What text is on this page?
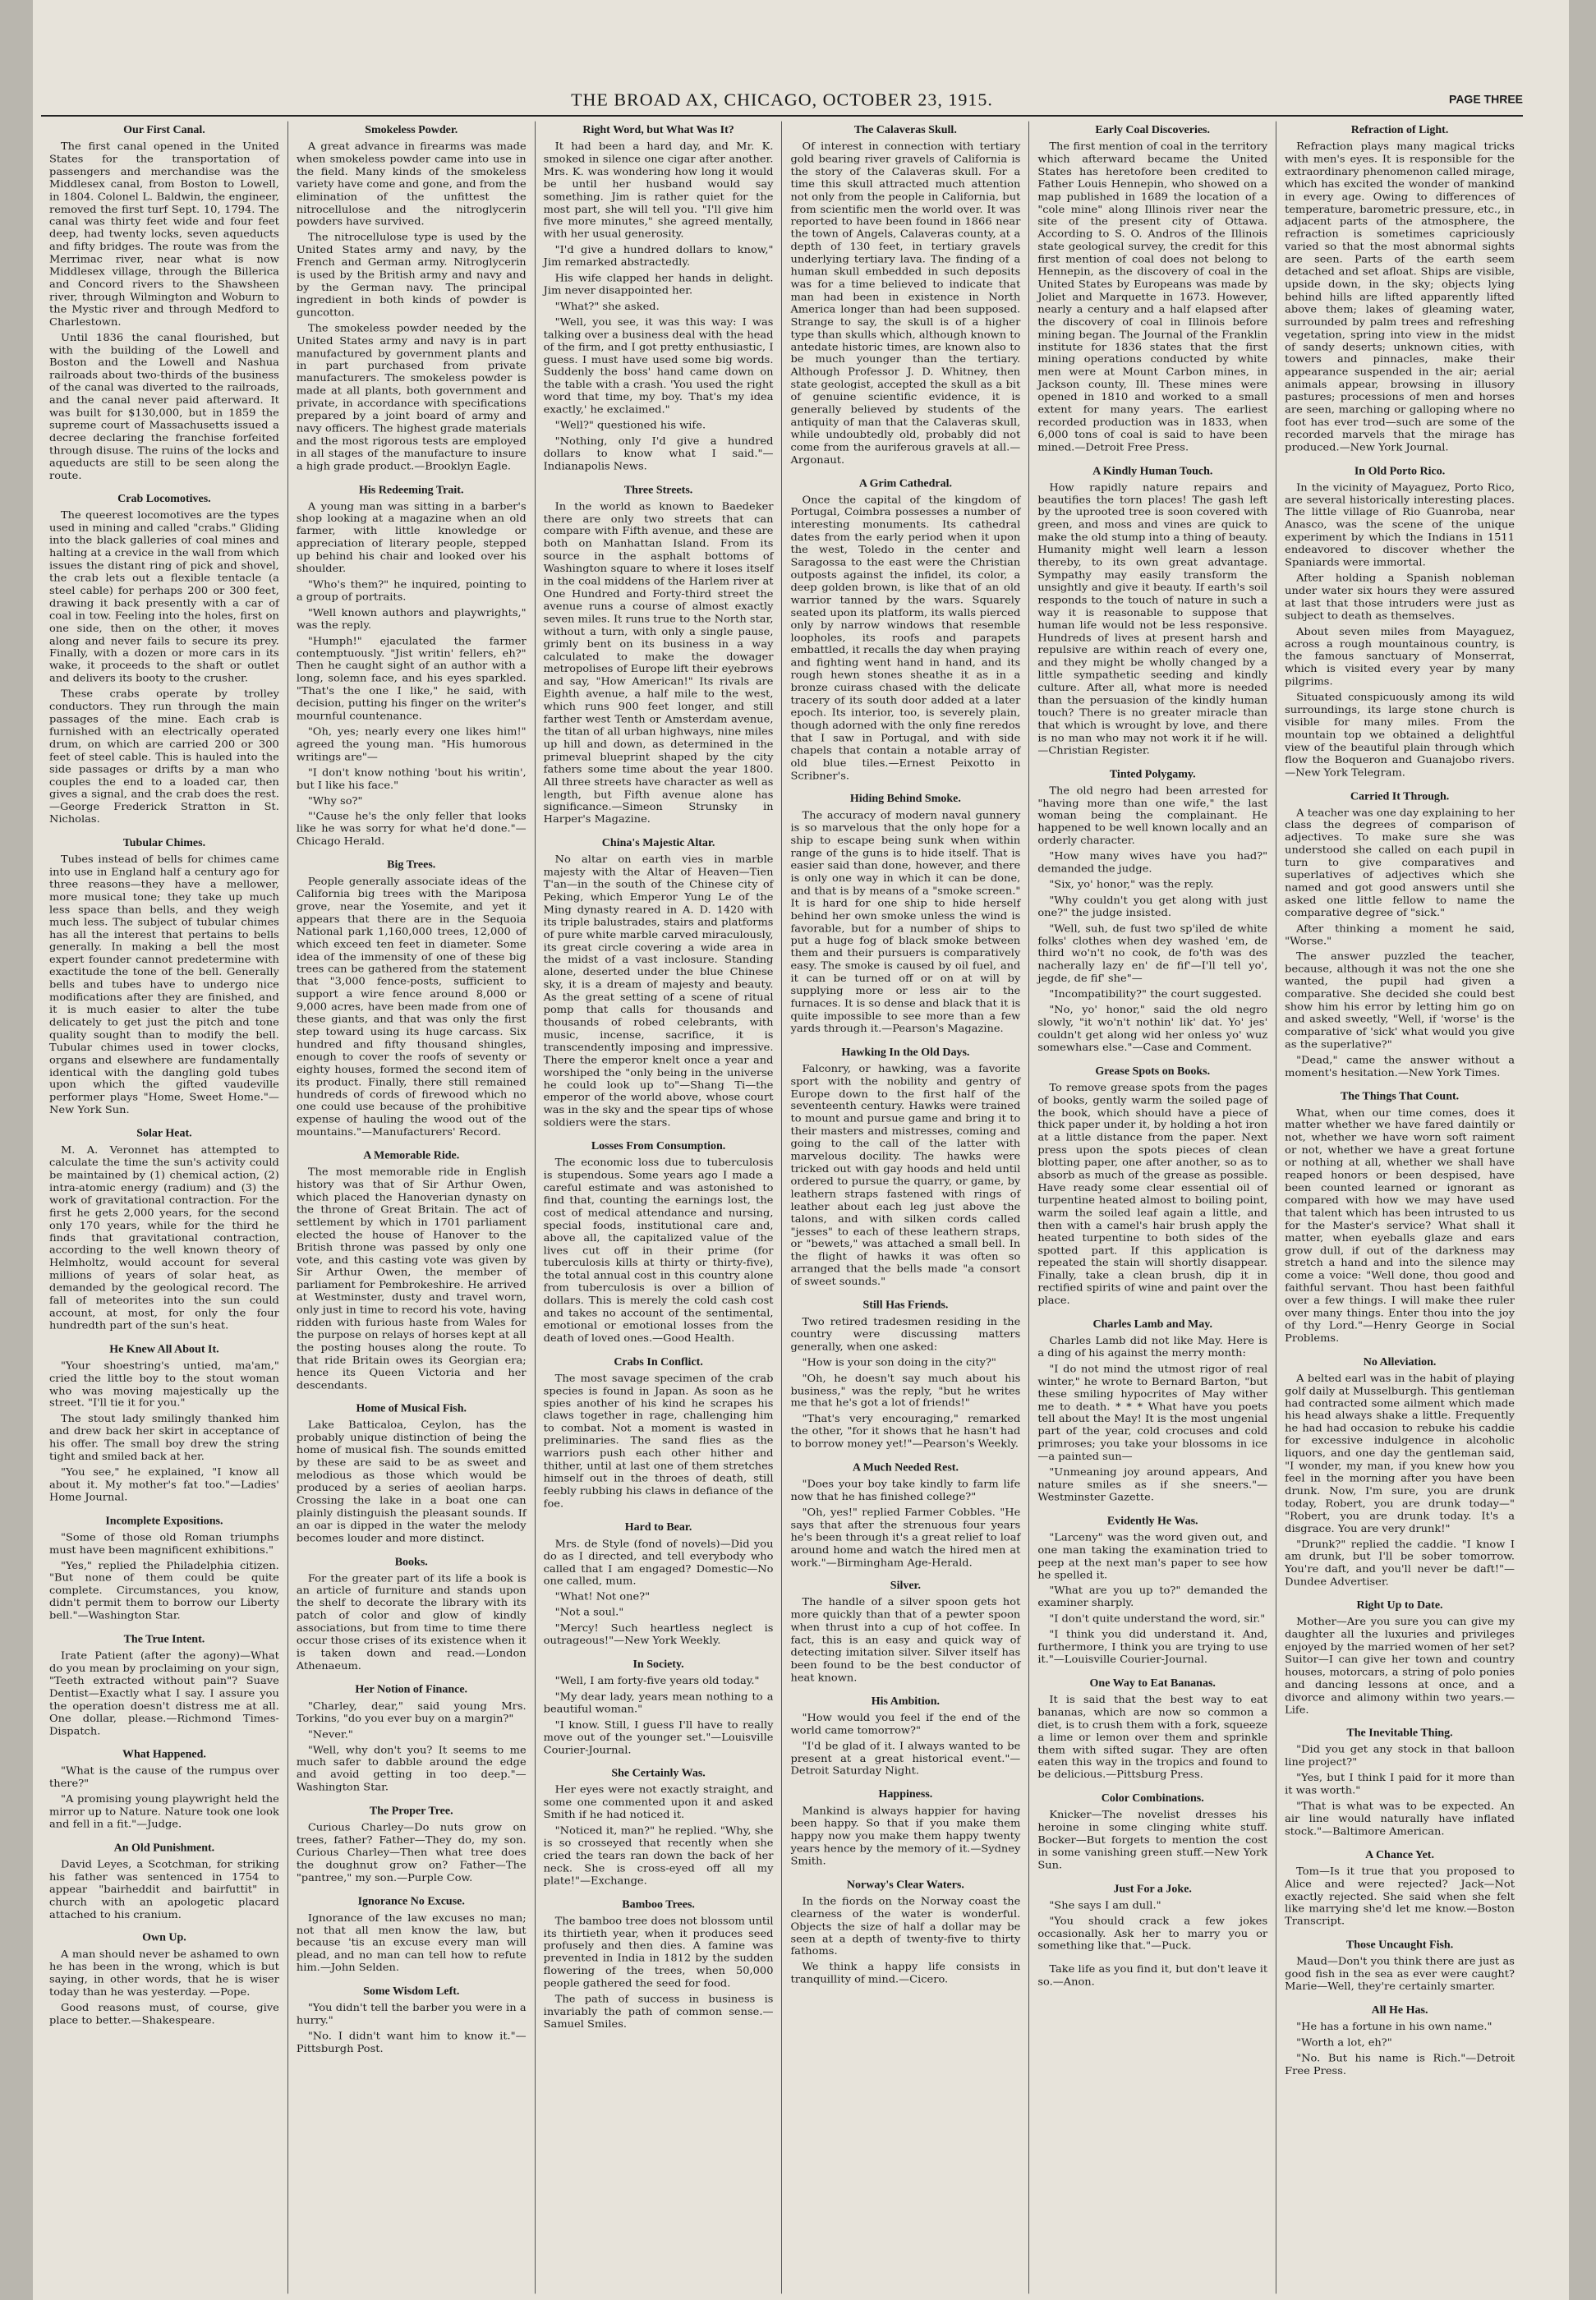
THE BROAD AX, CHICAGO, OCTOBER 23, 1915.	PAGE THREE
Our First Canal.

The first canal opened in the United States for the transportation of passengers and merchandise was the Middlesex canal, from Boston to Lowell, in 1804. Colonel L. Baldwin, the engineer, removed the first turf Sept. 10, 1794. The canal was thirty feet wide and four feet deep, had twenty locks, seven aqueducts and fifty bridges. The route was from the Merrimac river, near what is now Middlesex village, through the Billerica and Concord rivers to the Shawsheen river, through Wilmington and Woburn to the Mystic river and through Medford to Charlestown.

Until 1836 the canal flourished, but with the building of the Lowell and Boston and the Lowell and Nashua railroads about two-thirds of the business of the canal was diverted to the railroads, and the canal never paid afterward. It was built for $130,000, but in 1859 the supreme court of Massachusetts issued a decree declaring the franchise forfeited through disuse. The ruins of the locks and aqueducts are still to be seen along the route.

Crab Locomotives.

The queerest locomotives are the types used in mining and called "crabs." Gliding into the black galleries of coal mines and halting at a crevice in the wall from which issues the distant ring of pick and shovel, the crab lets out a flexible tentacle (a steel cable) for perhaps 200 or 300 feet, drawing it back presently with a car of coal in tow. Feeling into the holes, first on one side, then on the other, it moves along and never fails to secure its prey. Finally, with a dozen or more cars in its wake, it proceeds to the shaft or outlet and delivers its booty to the crusher.

These crabs operate by trolley conductors. They run through the main passages of the mine. Each crab is furnished with an electrically operated drum, on which are carried 200 or 300 feet of steel cable. This is hauled into the side passages or drifts by a man who couples the end to a loaded car, then gives a signal, and the crab does the rest.—George Frederick Stratton in St. Nicholas.

Tubular Chimes.

Tubes instead of bells for chimes came into use in England half a century ago for three reasons—they have a mellower, more musical tone; they take up much less space than bells, and they weigh much less. The subject of tubular chimes has all the interest that pertains to bells generally. In making a bell the most expert founder cannot predetermine with exactitude the tone of the bell. Generally bells and tubes have to undergo nice modifications after they are finished, and it is much easier to alter the tube delicately to get just the pitch and tone quality sought than to modify the bell. Tubular chimes used in tower clocks, organs and elsewhere are fundamentally identical with the dangling gold tubes upon which the gifted vaudeville performer plays "Home, Sweet Home."—New York Sun.

Solar Heat.

M. A. Veronnet has attempted to calculate the time the sun's activity could be maintained by (1) chemical action, (2) intra-atomic energy (radium) and (3) the work of gravitational contraction. For the first he gets 2,000 years, for the second only 170 years, while for the third he finds that gravitational contraction, according to the well known theory of Helmholtz, would account for several millions of years of solar heat, as demanded by the geological record. The fall of meteorites into the sun could account, at most, for only the four hundredth part of the sun's heat.

He Knew All About It.

"Your shoestring's untied, ma'am," cried the little boy to the stout woman who was moving majestically up the street. "I'll tie it for you."

The stout lady smilingly thanked him and drew back her skirt in acceptance of his offer. The small boy drew the string tight and smiled back at her.

"You see," he explained, "I know all about it. My mother's fat too."—Ladies' Home Journal.

Incomplete Expositions.

"Some of those old Roman triumphs must have been magnificent exhibitions."

"Yes," replied the Philadelphia citizen. "But none of them could be quite complete. Circumstances, you know, didn't permit them to borrow our Liberty bell."—Washington Star.

The True Intent.

Irate Patient (after the agony)—What do you mean by proclaiming on your sign, "Teeth extracted without pain"? Suave Dentist—Exactly what I say. I assure you the operation doesn't distress me at all. One dollar, please.—Richmond Times-Dispatch.

What Happened.

"What is the cause of the rumpus over there?"

"A promising young playwright held the mirror up to Nature. Nature took one look and fell in a fit."—Judge.

An Old Punishment.

David Leyes, a Scotchman, for striking his father was sentenced in 1754 to appear "bairheddit and bairfuttit" in church with an apologetic placard attached to his cranium.

Own Up.

A man should never be ashamed to own he has been in the wrong, which is but saying, in other words, that he is wiser today than he was yesterday. —Pope.

Good reasons must, of course, give place to better.—Shakespeare.

Smokeless Powder.

A great advance in firearms was made when smokeless powder came into use in the field. Many kinds of the smokeless variety have come and gone, and from the elimination of the unfittest the nitrocellulose and the nitroglycerin powders have survived.

The nitrocellulose type is used by the United States army and navy, by the French and German army. Nitroglycerin is used by the British army and navy and by the German navy. The principal ingredient in both kinds of powder is guncotton.

The smokeless powder needed by the United States army and navy is in part manufactured by government plants and in part purchased from private manufacturers. The smokeless powder is made at all plants, both government and private, in accordance with specifications prepared by a joint board of army and navy officers. The highest grade materials and the most rigorous tests are employed in all stages of the manufacture to insure a high grade product.—Brooklyn Eagle.

His Redeeming Trait.

A young man was sitting in a barber's shop looking at a magazine when an old farmer, with little knowledge or appreciation of literary people, stepped up behind his chair and looked over his shoulder.

"Who's them?" he inquired, pointing to a group of portraits.

"Well known authors and playwrights," was the reply.

"Humph!" ejaculated the farmer contemptuously. "Jist writin' fellers, eh?" Then he caught sight of an author with a long, solemn face, and his eyes sparkled. "That's the one I like," he said, with decision, putting his finger on the writer's mournful countenance.

"Oh, yes; nearly every one likes him!" agreed the young man. "His humorous writings are"—

"I don't know nothing 'bout his writin', but I like his face."

"Why so?"

"'Cause he's the only feller that looks like he was sorry for what he'd done."—Chicago Herald.

Big Trees.

People generally associate ideas of the California big trees with the Mariposa grove, near the Yosemite, and yet it appears that there are in the Sequoia National park 1,160,000 trees, 12,000 of which exceed ten feet in diameter. Some idea of the immensity of one of these big trees can be gathered from the statement that "3,000 fence-posts, sufficient to support a wire fence around 8,000 or 9,000 acres, have been made from one of these giants, and that was only the first step toward using its huge carcass. Six hundred and fifty thousand shingles, enough to cover the roofs of seventy or eighty houses, formed the second item of its product. Finally, there still remained hundreds of cords of firewood which no one could use because of the prohibitive expense of hauling the wood out of the mountains."—Manufacturers' Record.

A Memorable Ride.

The most memorable ride in English history was that of Sir Arthur Owen, which placed the Hanoverian dynasty on the throne of Great Britain. The act of settlement by which in 1701 parliament elected the house of Hanover to the British throne was passed by only one vote, and this casting vote was given by Sir Arthur Owen, the member of parliament for Pembrokeshire. He arrived at Westminster, dusty and travel worn, only just in time to record his vote, having ridden with furious haste from Wales for the purpose on relays of horses kept at all the posting houses along the route. To that ride Britain owes its Georgian era; hence its Queen Victoria and her descendants.

Home of Musical Fish.

Lake Batticaloa, Ceylon, has the probably unique distinction of being the home of musical fish. The sounds emitted by these are said to be as sweet and melodious as those which would be produced by a series of aeolian harps. Crossing the lake in a boat one can plainly distinguish the pleasant sounds. If an oar is dipped in the water the melody becomes louder and more distinct.

Books.

For the greater part of its life a book is an article of furniture and stands upon the shelf to decorate the library with its patch of color and glow of kindly associations, but from time to time there occur those crises of its existence when it is taken down and read.—London Athenaeum.

Her Notion of Finance.

"Charley, dear," said young Mrs. Torkins, "do you ever buy on a margin?"

"Never."

"Well, why don't you? It seems to me much safer to dabble around the edge and avoid getting in too deep."—Washington Star.

The Proper Tree.

Curious Charley—Do nuts grow on trees, father? Father—They do, my son. Curious Charley—Then what tree does the doughnut grow on? Father—The "pantree," my son.—Purple Cow.

Ignorance No Excuse.

Ignorance of the law excuses no man; not that all men know the law, but because 'tis an excuse every man will plead, and no man can tell how to refute him.—John Selden.

Some Wisdom Left.

"You didn't tell the barber you were in a hurry."

"No. I didn't want him to know it."—Pittsburgh Post.

Right Word, but What Was It?

It had been a hard day, and Mr. K. smoked in silence one cigar after another. Mrs. K. was wondering how long it would be until her husband would say something. Jim is rather quiet for the most part, she will tell you. "I'll give him five more minutes," she agreed mentally, with her usual generosity.

"I'd give a hundred dollars to know," Jim remarked abstractedly.

His wife clapped her hands in delight. Jim never disappointed her.

"What?" she asked.

"Well, you see, it was this way: I was talking over a business deal with the head of the firm, and I got pretty enthusiastic, I guess. I must have used some big words. Suddenly the boss' hand came down on the table with a crash. 'You used the right word that time, my boy. That's my idea exactly,' he exclaimed."

"Well?" questioned his wife.

"Nothing, only I'd give a hundred dollars to know what I said."—Indianapolis News.

Three Streets.

In the world as known to Baedeker there are only two streets that can compare with Fifth avenue, and these are both on Manhattan Island. From its source in the asphalt bottoms of Washington square to where it loses itself in the coal middens of the Harlem river at One Hundred and Forty-third street the avenue runs a course of almost exactly seven miles. It runs true to the North star, without a turn, with only a single pause, grimly bent on its business in a way calculated to make the dowager metropolises of Europe lift their eyebrows and say, "How American!" Its rivals are Eighth avenue, a half mile to the west, which runs 900 feet longer, and still farther west Tenth or Amsterdam avenue, the titan of all urban highways, nine miles up hill and down, as determined in the primeval blueprint shaped by the city fathers some time about the year 1800. All three streets have character as well as length, but Fifth avenue alone has significance.—Simeon Strunsky in Harper's Magazine.

China's Majestic Altar.

No altar on earth vies in marble majesty with the Altar of Heaven—Tien T'an—in the south of the Chinese city of Peking, which Emperor Yung Le of the Ming dynasty reared in A. D. 1420 with its triple balustrades, stairs and platforms of pure white marble carved miraculously, its great circle covering a wide area in the midst of a vast inclosure. Standing alone, deserted under the blue Chinese sky, it is a dream of majesty and beauty. As the great setting of a scene of ritual pomp that calls for thousands and thousands of robed celebrants, with music, incense, sacrifice, it is transcendently imposing and impressive. There the emperor knelt once a year and worshiped the "only being in the universe he could look up to"—Shang Ti—the emperor of the world above, whose court was in the sky and the spear tips of whose soldiers were the stars.

Losses From Consumption.

The economic loss due to tuberculosis is stupendous. Some years ago I made a careful estimate and was astonished to find that, counting the earnings lost, the cost of medical attendance and nursing, special foods, institutional care and, above all, the capitalized value of the lives cut off in their prime (for tuberculosis kills at thirty or thirty-five), the total annual cost in this country alone from tuberculosis is over a billion of dollars. This is merely the cold cash cost and takes no account of the sentimental, emotional or emotional losses from the death of loved ones.—Good Health.

Crabs In Conflict.

The most savage specimen of the crab species is found in Japan. As soon as he spies another of his kind he scrapes his claws together in rage, challenging him to combat. Not a moment is wasted in preliminaries. The sand flies as the warriors push each other hither and thither, until at last one of them stretches himself out in the throes of death, still feebly rubbing his claws in defiance of the foe.

Hard to Bear.

Mrs. de Style (fond of novels)—Did you do as I directed, and tell everybody who called that I am engaged? Domestic—No one called, mum.

"What! Not one?"

"Not a soul."

"Mercy! Such heartless neglect is outrageous!"—New York Weekly.

In Society.

"Well, I am forty-five years old today."

"My dear lady, years mean nothing to a beautiful woman."

"I know. Still, I guess I'll have to really move out of the younger set."—Louisville Courier-Journal.

She Certainly Was.

Her eyes were not exactly straight, and some one commented upon it and asked Smith if he had noticed it.

"Noticed it, man?" he replied. "Why, she is so crosseyed that recently when she cried the tears ran down the back of her neck. She is cross-eyed off all my plate!"—Exchange.

Bamboo Trees.

The bamboo tree does not blossom until its thirtieth year, when it produces seed profusely and then dies. A famine was prevented in India in 1812 by the sudden flowering of the trees, when 50,000 people gathered the seed for food.

The path of success in business is invariably the path of common sense.—Samuel Smiles.

The Calaveras Skull.

Of interest in connection with tertiary gold bearing river gravels of California is the story of the Calaveras skull. For a time this skull attracted much attention not only from the people in California, but from scientific men the world over. It was reported to have been found in 1866 near the town of Angels, Calaveras county, at a depth of 130 feet, in tertiary gravels underlying tertiary lava. The finding of a human skull embedded in such deposits was for a time believed to indicate that man had been in existence in North America longer than had been supposed. Strange to say, the skull is of a higher type than skulls which, although known to antedate historic times, are known also to be much younger than the tertiary. Although Professor J. D. Whitney, then state geologist, accepted the skull as a bit of genuine scientific evidence, it is generally believed by students of the antiquity of man that the Calaveras skull, while undoubtedly old, probably did not come from the auriferous gravels at all.—Argonaut.

A Grim Cathedral.

Once the capital of the kingdom of Portugal, Coimbra possesses a number of interesting monuments. Its cathedral dates from the early period when it upon the west, Toledo in the center and Saragossa to the east were the Christian outposts against the infidel, its color, a deep golden brown, is like that of an old warrior tanned by the wars. Squarely seated upon its platform, its walls pierced only by narrow windows that resemble loopholes, its roofs and parapets embattled, it recalls the day when praying and fighting went hand in hand, and its rough hewn stones sheathe it as in a bronze cuirass chased with the delicate tracery of its south door added at a later epoch. Its interior, too, is severely plain, though adorned with the only fine reredos that I saw in Portugal, and with side chapels that contain a notable array of old blue tiles.—Ernest Peixotto in Scribner's.

Hiding Behind Smoke.

The accuracy of modern naval gunnery is so marvelous that the only hope for a ship to escape being sunk when within range of the guns is to hide itself. That is easier said than done, however, and there is only one way in which it can be done, and that is by means of a "smoke screen." It is hard for one ship to hide herself behind her own smoke unless the wind is favorable, but for a number of ships to put a huge fog of black smoke between them and their pursuers is comparatively easy. The smoke is caused by oil fuel, and it can be turned off or on at will by supplying more or less air to the furnaces. It is so dense and black that it is quite impossible to see more than a few yards through it.—Pearson's Magazine.

Hawking In the Old Days.

Falconry, or hawking, was a favorite sport with the nobility and gentry of Europe down to the first half of the seventeenth century. Hawks were trained to mount and pursue game and bring it to their masters and mistresses, coming and going to the call of the latter with marvelous docility. The hawks were tricked out with gay hoods and held until ordered to pursue the quarry, or game, by leathern straps fastened with rings of leather about each leg just above the talons, and with silken cords called "jesses" to each of these leathern straps, or "bewets," was attached a small bell. In the flight of hawks it was often so arranged that the bells made "a consort of sweet sounds."

Still Has Friends.

Two retired tradesmen residing in the country were discussing matters generally, when one asked:

"How is your son doing in the city?"

"Oh, he doesn't say much about his business," was the reply, "but he writes me that he's got a lot of friends!"

"That's very encouraging," remarked the other, "for it shows that he hasn't had to borrow money yet!"—Pearson's Weekly.

A Much Needed Rest.

"Does your boy take kindly to farm life now that he has finished college?"

"Oh, yes!" replied Farmer Cobbles. "He says that after the strenuous four years he's been through it's a great relief to loaf around home and watch the hired men at work."—Birmingham Age-Herald.

Silver.

The handle of a silver spoon gets hot more quickly than that of a pewter spoon when thrust into a cup of hot coffee. In fact, this is an easy and quick way of detecting imitation silver. Silver itself has been found to be the best conductor of heat known.

His Ambition.

"How would you feel if the end of the world came tomorrow?"

"I'd be glad of it. I always wanted to be present at a great historical event."—Detroit Saturday Night.

Happiness.

Mankind is always happier for having been happy. So that if you make them happy now you make them happy twenty years hence by the memory of it.—Sydney Smith.

Norway's Clear Waters.

In the fiords on the Norway coast the clearness of the water is wonderful. Objects the size of half a dollar may be seen at a depth of twenty-five to thirty fathoms.

We think a happy life consists in tranquillity of mind.—Cicero.

Early Coal Discoveries.

The first mention of coal in the territory which afterward became the United States has heretofore been credited to Father Louis Hennepin, who showed on a map published in 1689 the location of a "cole mine" along Illinois river near the site of the present city of Ottawa. According to S. O. Andros of the Illinois state geological survey, the credit for this first mention of coal does not belong to Hennepin, as the discovery of coal in the United States by Europeans was made by Joliet and Marquette in 1673. However, nearly a century and a half elapsed after the discovery of coal in Illinois before mining began. The Journal of the Franklin institute for 1836 states that the first mining operations conducted by white men were at Mount Carbon mines, in Jackson county, Ill. These mines were opened in 1810 and worked to a small extent for many years. The earliest recorded production was in 1833, when 6,000 tons of coal is said to have been mined.—Detroit Free Press.

A Kindly Human Touch.

How rapidly nature repairs and beautifies the torn places! The gash left by the uprooted tree is soon covered with green, and moss and vines are quick to make the old stump into a thing of beauty. Humanity might well learn a lesson thereby, to its own great advantage. Sympathy may easily transform the unsightly and give it beauty. If earth's soil responds to the touch of nature in such a way it is reasonable to suppose that human life would not be less responsive. Hundreds of lives at present harsh and repulsive are within reach of every one, and they might be wholly changed by a little sympathetic seeding and kindly culture. After all, what more is needed than the persuasion of the kindly human touch? There is no greater miracle than that which is wrought by love, and there is no man who may not work it if he will.—Christian Register.

Tinted Polygamy.

The old negro had been arrested for "having more than one wife," the last woman being the complainant. He happened to be well known locally and an orderly character.

"How many wives have you had?" demanded the judge.

"Six, yo' honor," was the reply.

"Why couldn't you get along with just one?" the judge insisted.

"Well, suh, de fust two sp'iled de white folks' clothes when dey washed 'em, de third wo'n't no cook, de fo'th was des nacherally lazy en' de fif'—I'll tell yo', jegde, de fif' she"—

"Incompatibility?" the court suggested.

"No, yo' honor," said the old negro slowly, "it wo'n't nothin' lik' dat. Yo' jes' couldn't get along wid her onless yo' wuz somewhars else."—Case and Comment.

Grease Spots on Books.

To remove grease spots from the pages of books, gently warm the soiled page of the book, which should have a piece of thick paper under it, by holding a hot iron at a little distance from the paper. Next press upon the spots pieces of clean blotting paper, one after another, so as to absorb as much of the grease as possible. Have ready some clear essential oil of turpentine heated almost to boiling point, warm the soiled leaf again a little, and then with a camel's hair brush apply the heated turpentine to both sides of the spotted part. If this application is repeated the stain will shortly disappear. Finally, take a clean brush, dip it in rectified spirits of wine and paint over the place.

Charles Lamb and May.

Charles Lamb did not like May. Here is a ding of his against the merry month:

"I do not mind the utmost rigor of real winter," he wrote to Bernard Barton, "but these smiling hypocrites of May wither me to death. * * * What have you poets tell about the May! It is the most ungenial part of the year, cold crocuses and cold primroses; you take your blossoms in ice—a painted sun—

"Unmeaning joy around appears, And nature smiles as if she sneers."—Westminster Gazette.

Evidently He Was.

"Larceny" was the word given out, and one man taking the examination tried to peep at the next man's paper to see how he spelled it.

"What are you up to?" demanded the examiner sharply.

"I don't quite understand the word, sir."

"I think you did understand it. And, furthermore, I think you are trying to use it."—Louisville Courier-Journal.

One Way to Eat Bananas.

It is said that the best way to eat bananas, which are now so common a diet, is to crush them with a fork, squeeze a lime or lemon over them and sprinkle them with sifted sugar. They are often eaten this way in the tropics and found to be delicious.—Pittsburg Press.

Color Combinations.

Knicker—The novelist dresses his heroine in some clinging white stuff. Bocker—But forgets to mention the cost in some vanishing green stuff.—New York Sun.

Just For a Joke.

"She says I am dull."

"You should crack a few jokes occasionally. Ask her to marry you or something like that."—Puck.

Take life as you find it, but don't leave it so.—Anon.

Refraction of Light.

Refraction plays many magical tricks with men's eyes. It is responsible for the extraordinary phenomenon called mirage, which has excited the wonder of mankind in every age. Owing to differences of temperature, barometric pressure, etc., in adjacent parts of the atmosphere, the refraction is sometimes capriciously varied so that the most abnormal sights are seen. Parts of the earth seem detached and set afloat. Ships are visible, upside down, in the sky; objects lying behind hills are lifted apparently lifted above them; lakes of gleaming water, surrounded by palm trees and refreshing vegetation, spring into view in the midst of sandy deserts; unknown cities, with towers and pinnacles, make their appearance suspended in the air; aerial animals appear, browsing in illusory pastures; processions of men and horses are seen, marching or galloping where no foot has ever trod—such are some of the recorded marvels that the mirage has produced.—New York Journal.

In Old Porto Rico.

In the vicinity of Mayaguez, Porto Rico, are several historically interesting places. The little village of Rio Guanroba, near Anasco, was the scene of the unique experiment by which the Indians in 1511 endeavored to discover whether the Spaniards were immortal.

After holding a Spanish nobleman under water six hours they were assured at last that those intruders were just as subject to death as themselves.

About seven miles from Mayaguez, across a rough mountainous country, is the famous sanctuary of Monserrat, which is visited every year by many pilgrims.

Situated conspicuously among its wild surroundings, its large stone church is visible for many miles. From the mountain top we obtained a delightful view of the beautiful plain through which flow the Boqueron and Guanajobo rivers.—New York Telegram.

Carried It Through.

A teacher was one day explaining to her class the degrees of comparison of adjectives. To make sure she was understood she called on each pupil in turn to give comparatives and superlatives of adjectives which she named and got good answers until she asked one little fellow to name the comparative degree of "sick."

After thinking a moment he said, "Worse."

The answer puzzled the teacher, because, although it was not the one she wanted, the pupil had given a comparative. She decided she could best show him his error by letting him go on and asked sweetly, "Well, if 'worse' is the comparative of 'sick' what would you give as the superlative?"

"Dead," came the answer without a moment's hesitation.—New York Times.

The Things That Count.

What, when our time comes, does it matter whether we have fared daintily or not, whether we have worn soft raiment or not, whether we have a great fortune or nothing at all, whether we shall have reaped honors or been despised, have been counted learned or ignorant as compared with how we may have used that talent which has been intrusted to us for the Master's service? What shall it matter, when eyeballs glaze and ears grow dull, if out of the darkness may stretch a hand and into the silence may come a voice: "Well done, thou good and faithful servant. Thou hast been faithful over a few things. I will make thee ruler over many things. Enter thou into the joy of thy Lord."—Henry George in Social Problems.

No Alleviation.

A belted earl was in the habit of playing golf daily at Musselburgh. This gentleman had contracted some ailment which made his head always shake a little. Frequently he had had occasion to rebuke his caddie for excessive indulgence in alcoholic liquors, and one day the gentleman said, "I wonder, my man, if you knew how you feel in the morning after you have been drunk. Now, I'm sure, you are drunk today, Robert, you are drunk today—" "Robert, you are drunk today. It's a disgrace. You are very drunk!"

"Drunk?" replied the caddie. "I know I am drunk, but I'll be sober tomorrow. You're daft, and you'll never be daft!"—Dundee Advertiser.

Right Up to Date.

Mother—Are you sure you can give my daughter all the luxuries and privileges enjoyed by the married women of her set? Suitor—I can give her town and country houses, motorcars, a string of polo ponies and dancing lessons at once, and a divorce and alimony within two years.—Life.

The Inevitable Thing.

"Did you get any stock in that balloon line project?"

"Yes, but I think I paid for it more than it was worth."

"That is what was to be expected. An air line would naturally have inflated stock."—Baltimore American.

A Chance Yet.

Tom—Is it true that you proposed to Alice and were rejected? Jack—Not exactly rejected. She said when she felt like marrying she'd let me know.—Boston Transcript.

Those Uncaught Fish.

Maud—Don't you think there are just as good fish in the sea as ever were caught? Marie—Well, they're certainly smarter.

All He Has.

"He has a fortune in his own name."

"Worth a lot, eh?"

"No. But his name is Rich."—Detroit Free Press.
